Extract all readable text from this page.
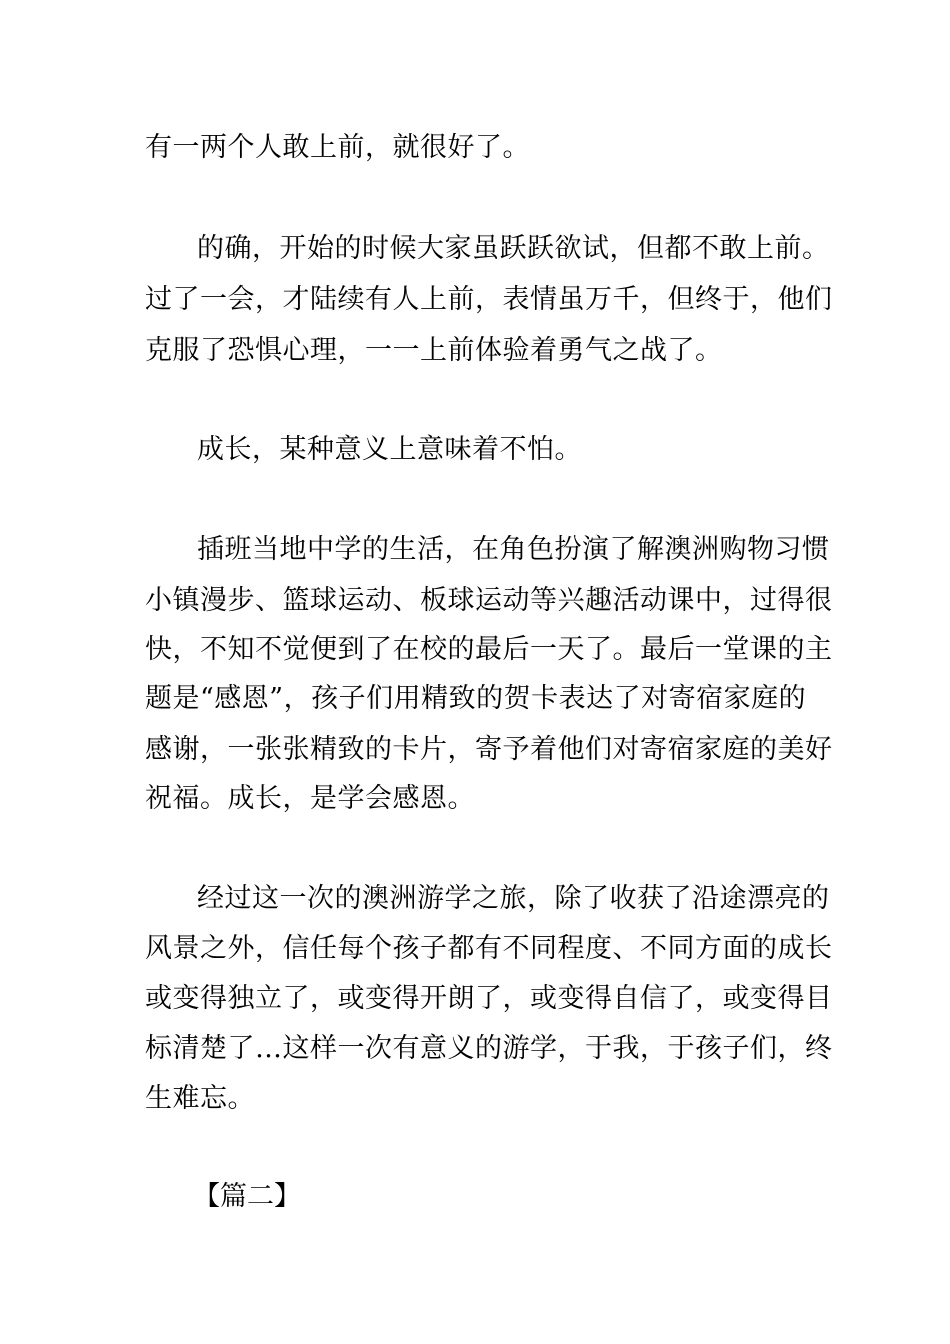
有一两个人敢上前，就很好了。
的确，开始的时候大家虽跃跃欲试，但都不敢上前。
过了一会，才陆续有人上前，表情虽万千，但终于，他们
克服了恐惧心理，一一上前体验着勇气之战了。
成长，某种意义上意味着不怕。
插班当地中学的生活，在角色扮演了解澳洲购物习惯
小镇漫步、篮球运动、板球运动等兴趣活动课中，过得很
快，不知不觉便到了在校的最后一天了。最后一堂课的主
题是“感恩”，孩子们用精致的贺卡表达了对寄宿家庭的
感谢，一张张精致的卡片，寄予着他们对寄宿家庭的美好
祝福。成长，是学会感恩。
经过这一次的澳洲游学之旅，除了收获了沿途漂亮的
风景之外，信任每个孩子都有不同程度、不同方面的成长
或变得独立了，或变得开朗了，或变得自信了，或变得目
标清楚了…这样一次有意义的游学，于我，于孩子们，终
生难忘。
【篇二】
